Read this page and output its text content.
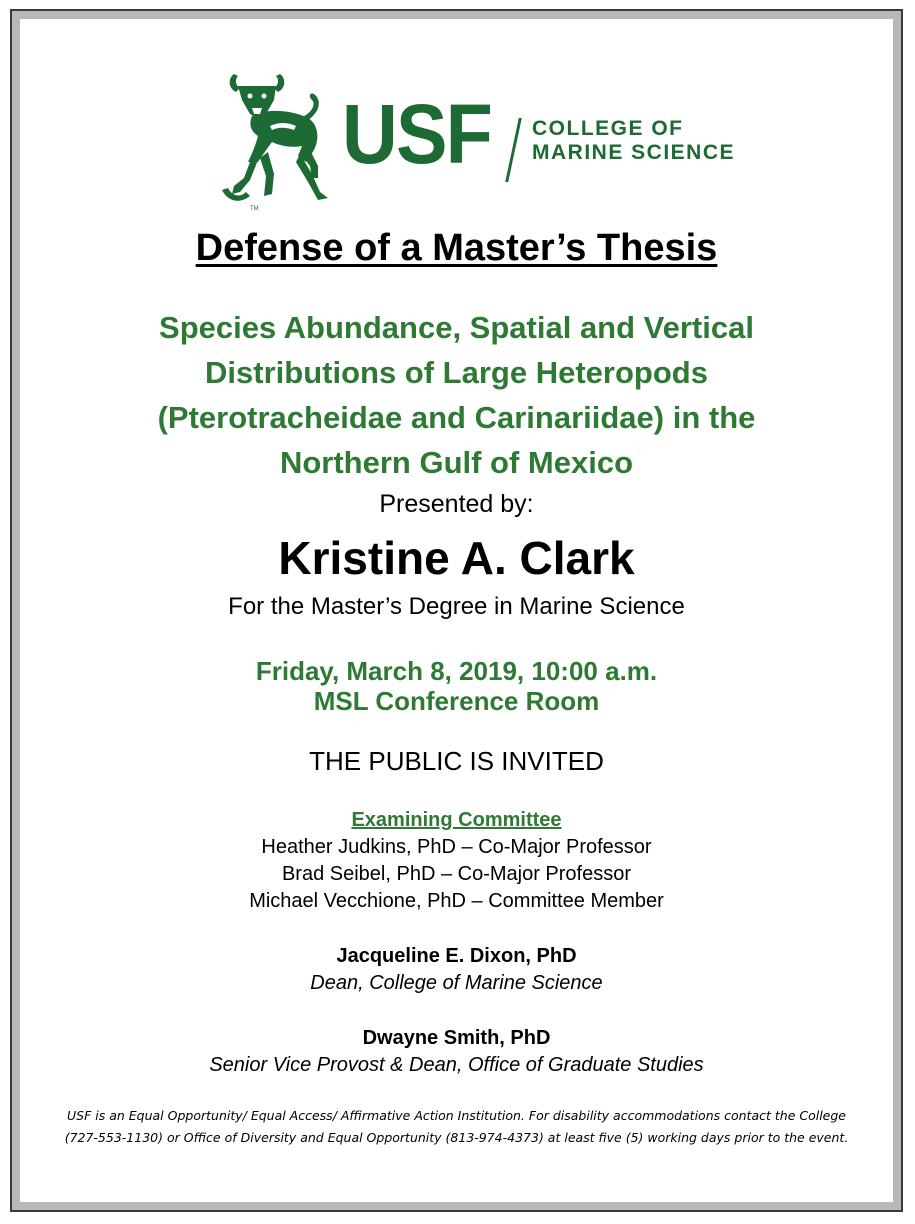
TM
USF COLLEGE OF
MARINE SCIENCE
Defense of a Master’s Thesis
Species Abundance, Spatial and Vertical
Distributions of Large Heteropods
(Pterotracheidae and Carinariidae) in the
Northern Gulf of Mexico
Presented by:
Kristine A. Clark
For the Master’s Degree in Marine Science
Friday, March 8, 2019, 10:00 a.m.
MSL Conference Room
THE PUBLIC IS INVITED
Examining Committee
Heather Judkins, PhD – Co-Major Professor
Brad Seibel, PhD – Co-Major Professor
Michael Vecchione, PhD – Committee Member
Jacqueline E. Dixon, PhD
Dean, College of Marine Science
Dwayne Smith, PhD
Senior Vice Provost & Dean, Office of Graduate Studies
USF is an Equal Opportunity/ Equal Access/ Affirmative Action Institution. For disability accommodations contact the College
(727-553-1130) or Office of Diversity and Equal Opportunity (813-974-4373) at least five (5) working days prior to the event.
